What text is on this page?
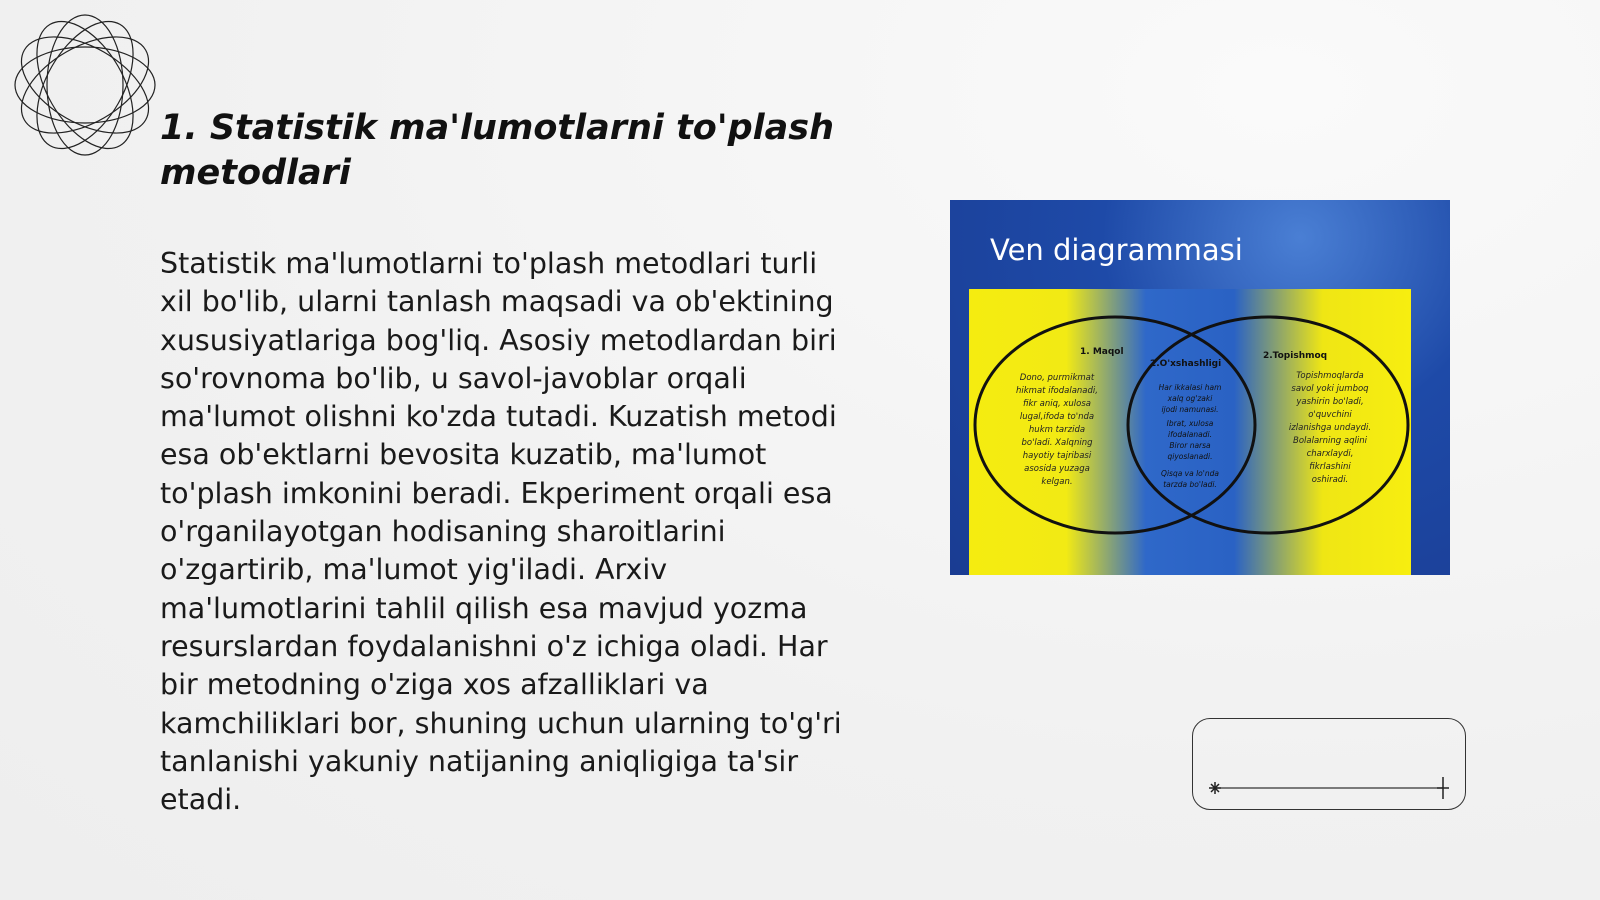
1. Statistik ma'lumotlarni to'plash metodlari

Statistik ma'lumotlarni to'plash metodlari turli xil bo'lib, ularni tanlash maqsadi va ob'ektining xususiyatlariga bog'liq. Asosiy metodlardan biri so'rovnoma bo'lib, u savol-javoblar orqali ma'lumot olishni ko'zda tutadi. Kuzatish metodi esa ob'ektlarni bevosita kuzatib, ma'lumot to'plash imkonini beradi. Ekperiment orqali esa o'rganilayotgan hodisaning sharoitlarini o'zgartirib, ma'lumot yig'iladi. Arxiv ma'lumotlarini tahlil qilish esa mavjud yozma resurslardan foydalanishni o'z ichiga oladi. Har bir metodning o'ziga xos afzalliklari va kamchiliklari bor, shuning uchun ularning to'g'ri tanlanishi yakuniy natijaning aniqligiga ta'sir etadi.

Ven diagrammasi
1. Maqol
2.O'xshashligi
2.Topishmoq
Dono, purmikmat
hikmat ifodalanadi,
fikr aniq, xulosa
lugal,ifoda to'nda
hukm tarzida
bo'ladi. Xalqning
hayotiy tajribasi
asosida yuzaga
kelgan.
Har ikkalasi ham
xalq og'zaki
ijodi namunasi.
Ibrat, xulosa
ifodalanadi.
Biror narsa
qiyoslanadi.
Qisqa va lo'nda
tarzda bo'ladi.
Topishmoqlarda
savol yoki jumboq
yashirin bo'ladi,
o'quvchini
izlanishga undaydi.
Bolalarning aqlini
charxlaydi,
fikrlashini
oshiradi.
